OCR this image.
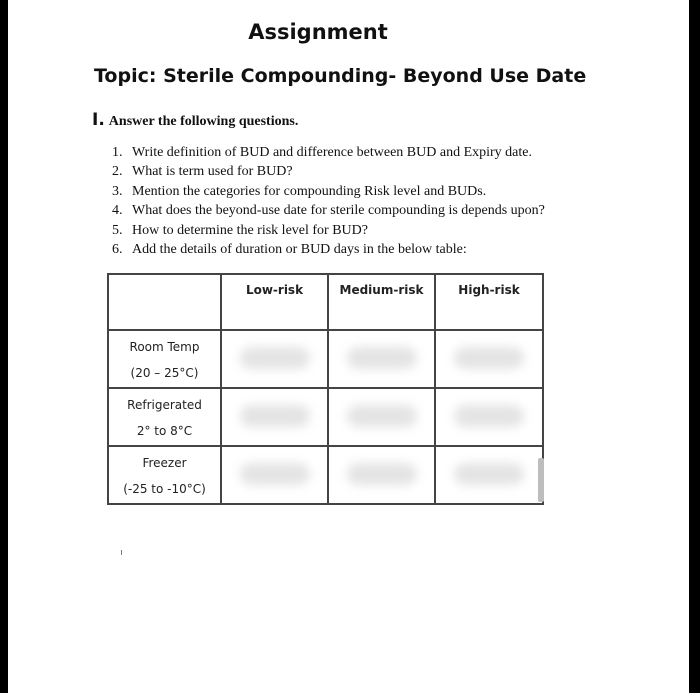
Assignment
Topic: Sterile Compounding- Beyond Use Date
I. Answer the following questions.
1. Write definition of BUD and difference between BUD and Expiry date.
2. What is term used for BUD?
3. Mention the categories for compounding Risk level and BUDs.
4. What does the beyond-use date for sterile compounding is depends upon?
5. How to determine the risk level for BUD?
6. Add the details of duration or BUD days in the below table:
	Low-risk	Medium-risk	High-risk

Room Temp
(20 – 25°C)			

Refrigerated
2° to 8°C			

Freezer
(-25 to -10°C)			
